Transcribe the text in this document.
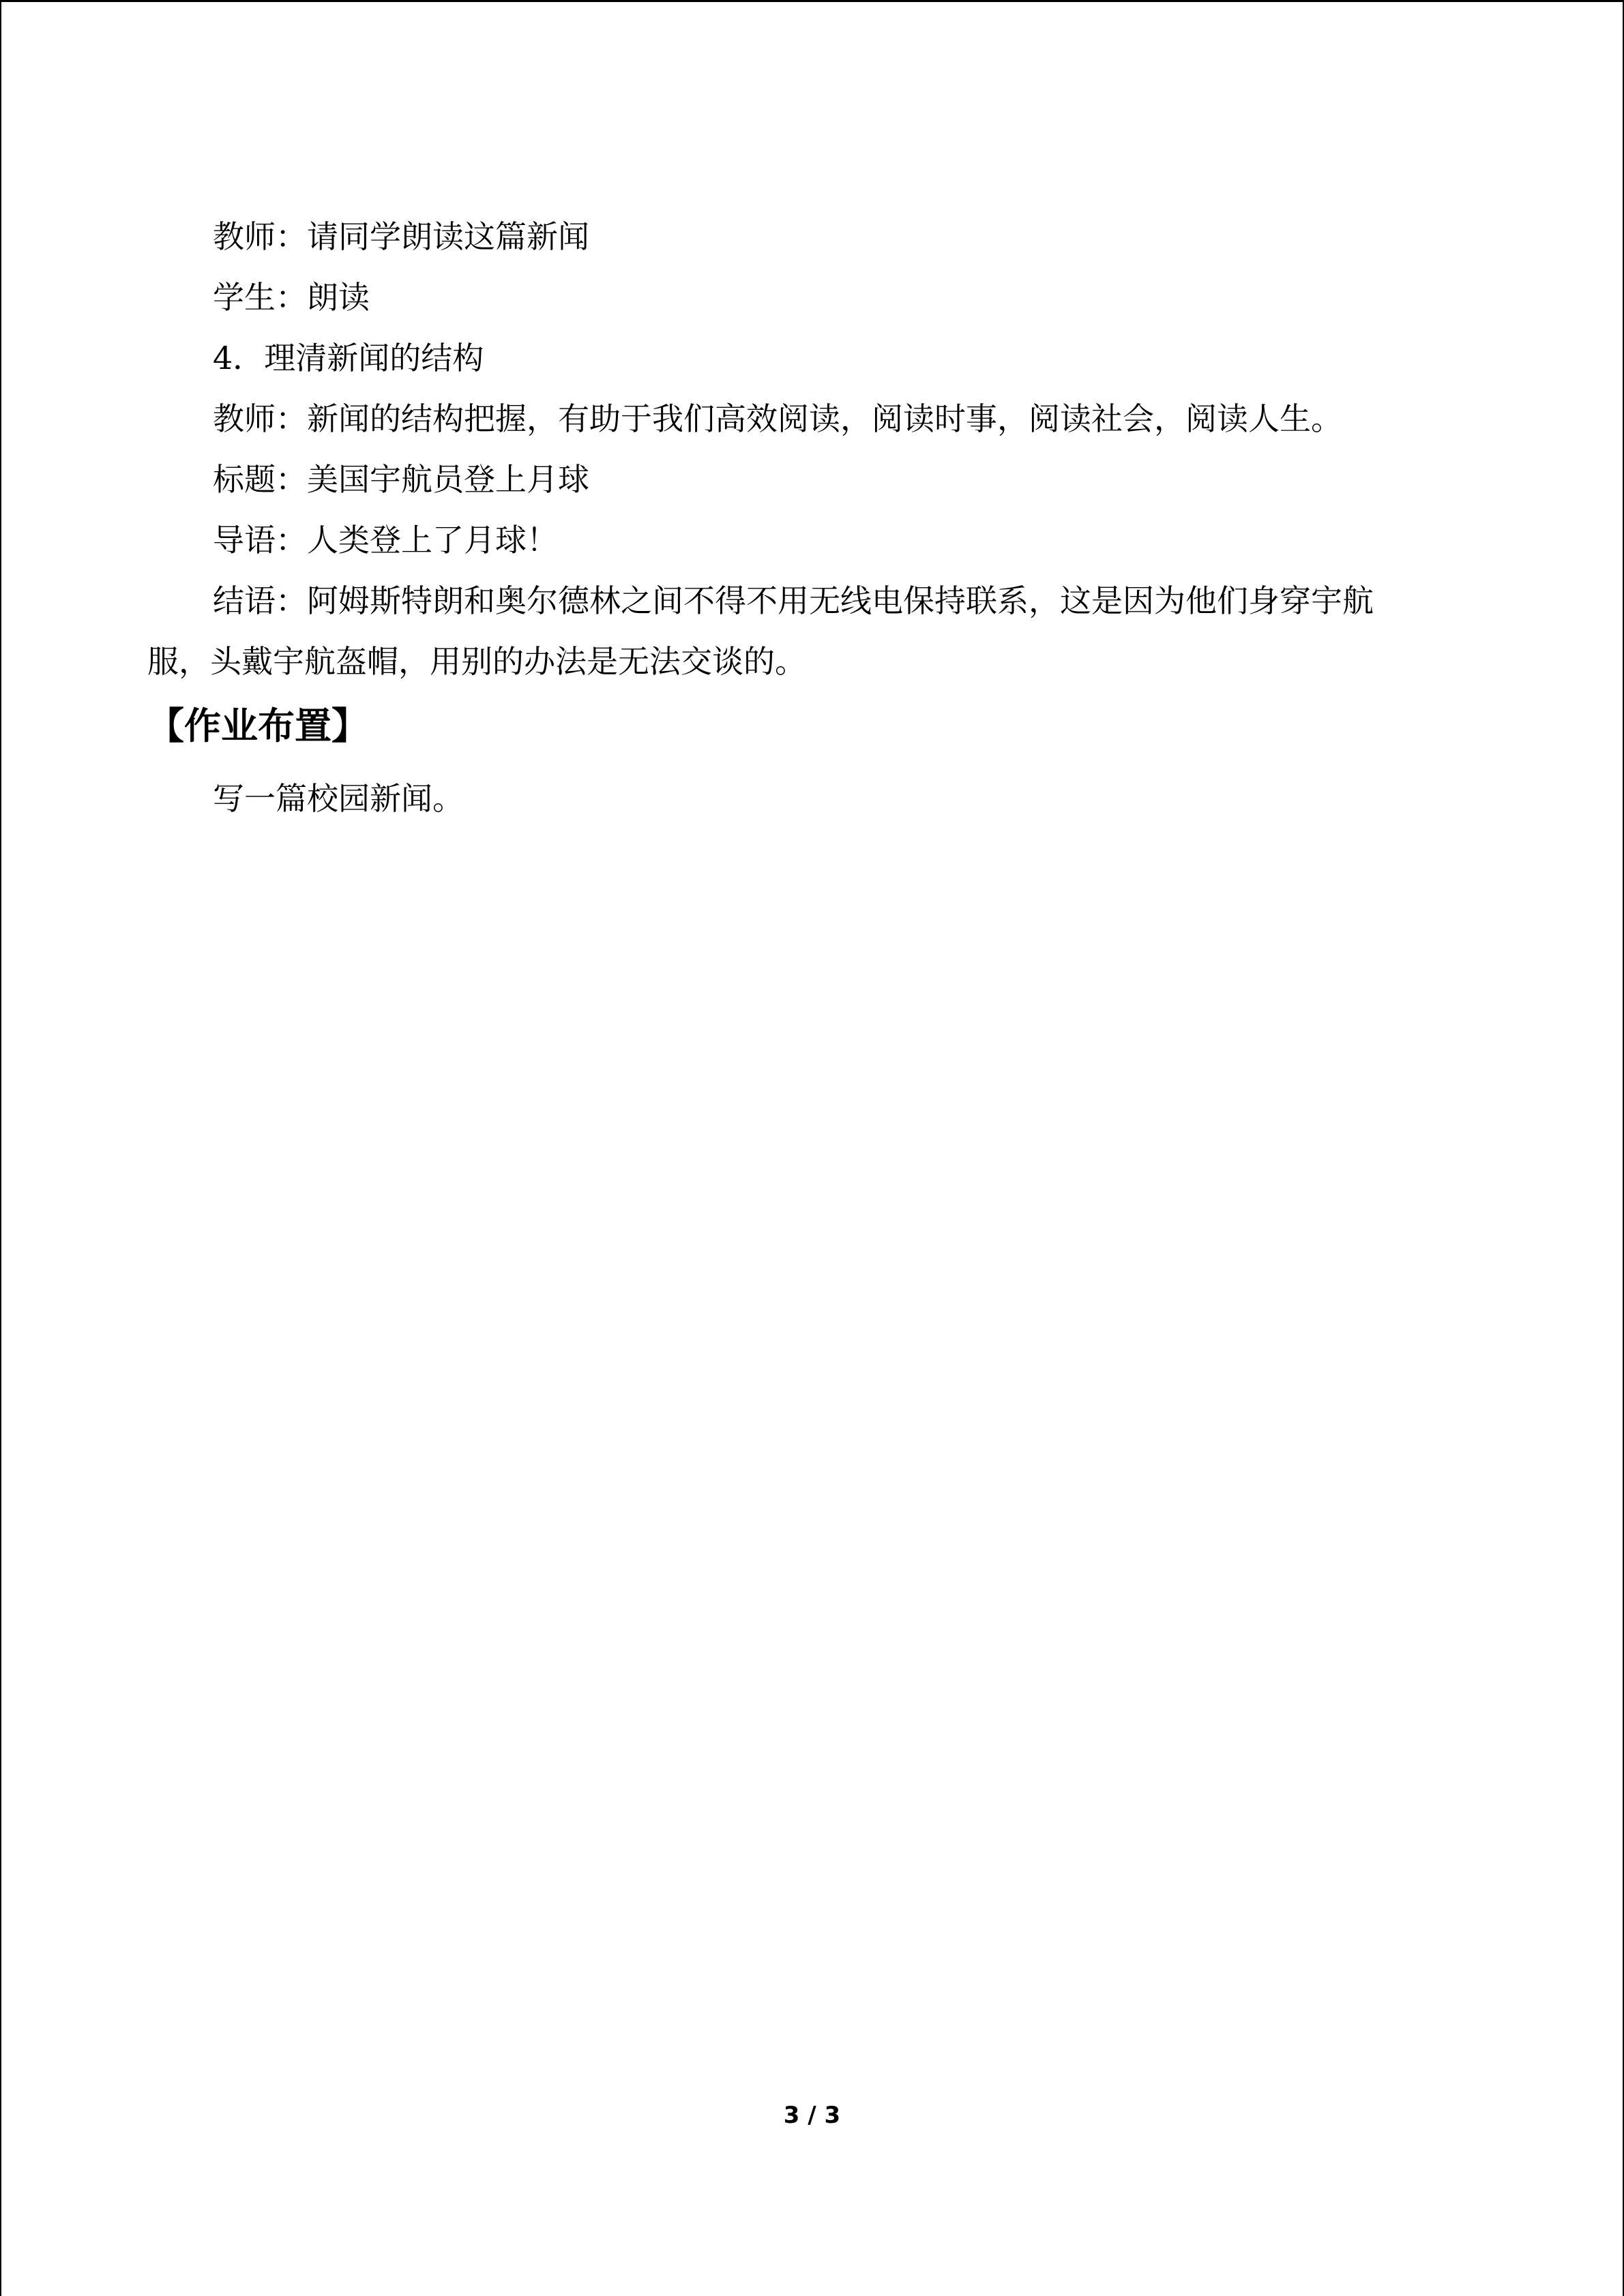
教师：请同学朗读这篇新闻

学生：朗读

4．理清新闻的结构

教师：新闻的结构把握，有助于我们高效阅读，阅读时事，阅读社会，阅读人生。

标题：美国宇航员登上月球

导语：人类登上了月球！

结语：阿姆斯特朗和奥尔德林之间不得不用无线电保持联系，这是因为他们身穿宇航服，头戴宇航盔帽，用别的办法是无法交谈的。

【作业布置】

写一篇校园新闻。

3 / 3
